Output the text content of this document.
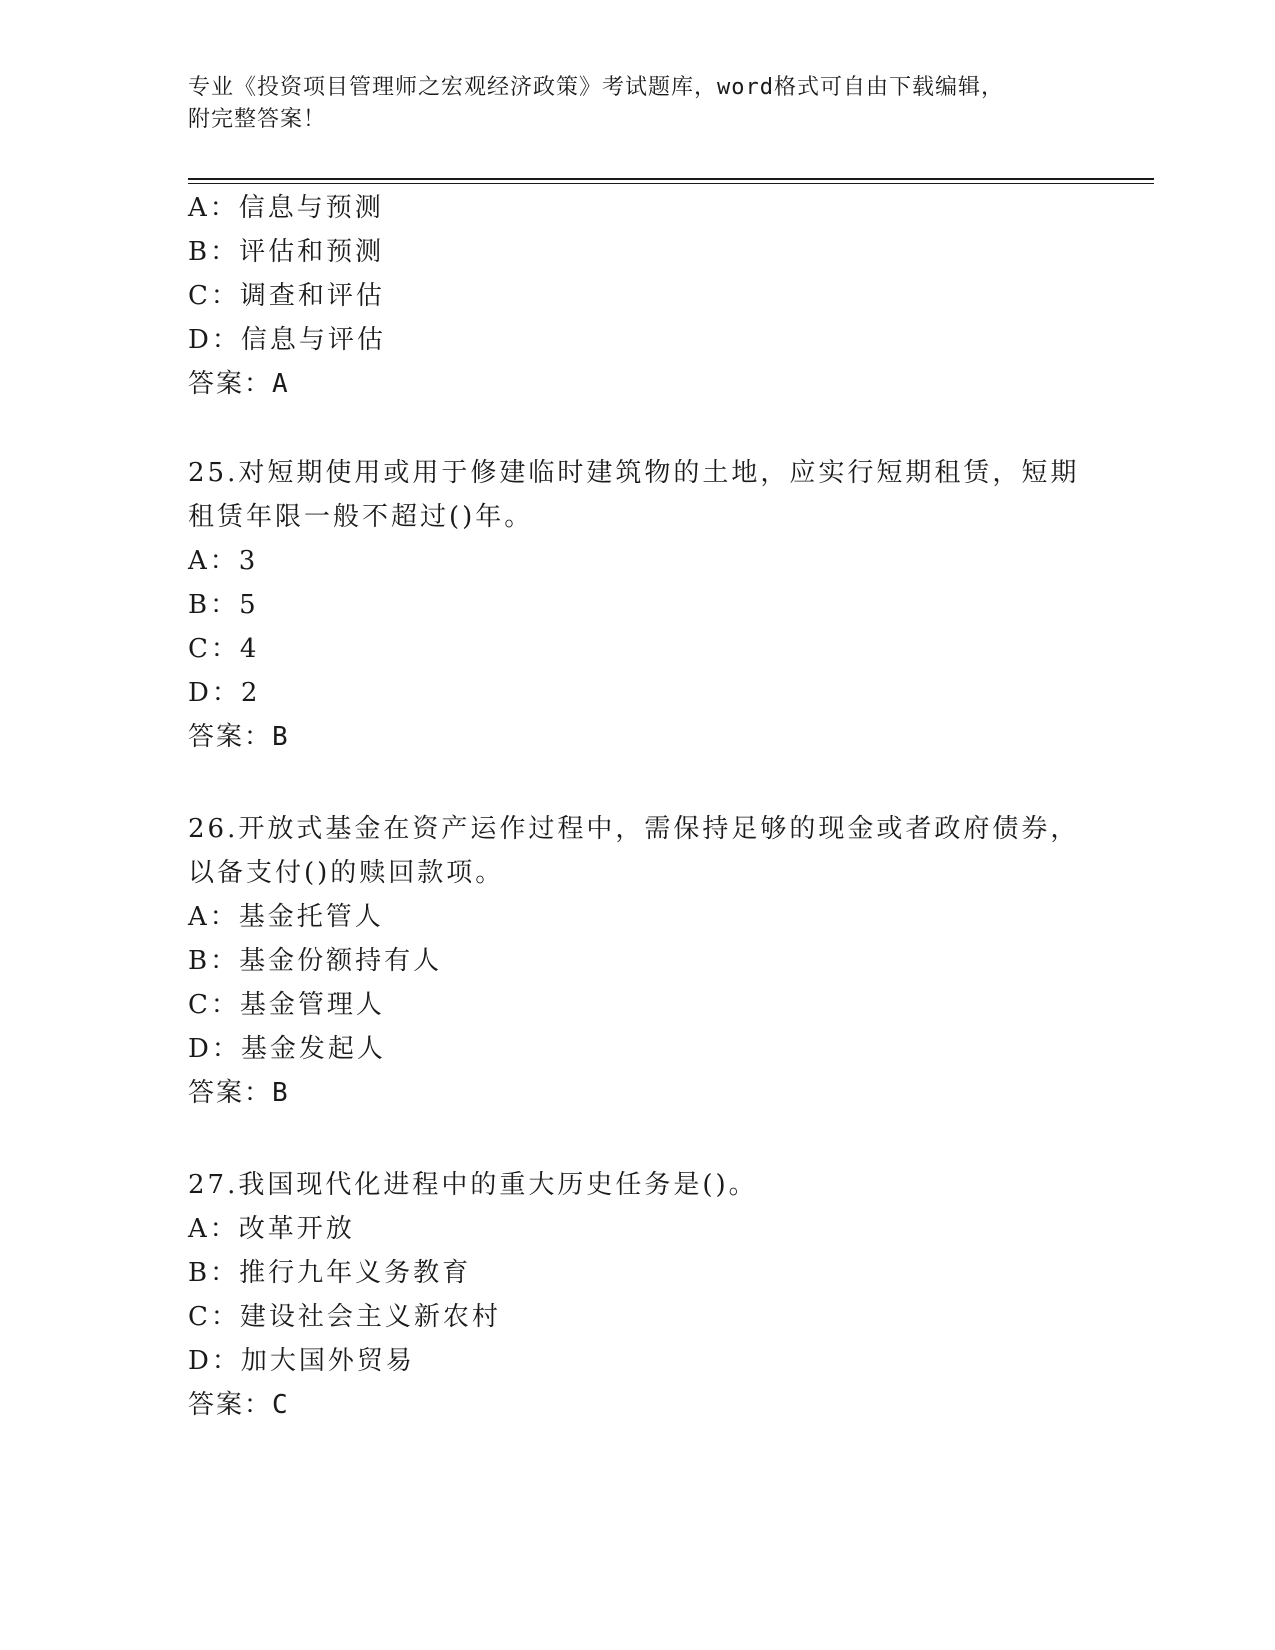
专业《投资项目管理师之宏观经济政策》考试题库，word格式可自由下载编辑，
附完整答案！
A：信息与预测
B：评估和预测
C：调查和评估
D：信息与评估
答案：A
25.对短期使用或用于修建临时建筑物的土地，应实行短期租赁，短期
租赁年限一般不超过()年。
A：3
B：5
C：4
D：2
答案：B
26.开放式基金在资产运作过程中，需保持足够的现金或者政府债券，
以备支付()的赎回款项。
A：基金托管人
B：基金份额持有人
C：基金管理人
D：基金发起人
答案：B
27.我国现代化进程中的重大历史任务是()。
A：改革开放
B：推行九年义务教育
C：建设社会主义新农村
D：加大国外贸易
答案：C
